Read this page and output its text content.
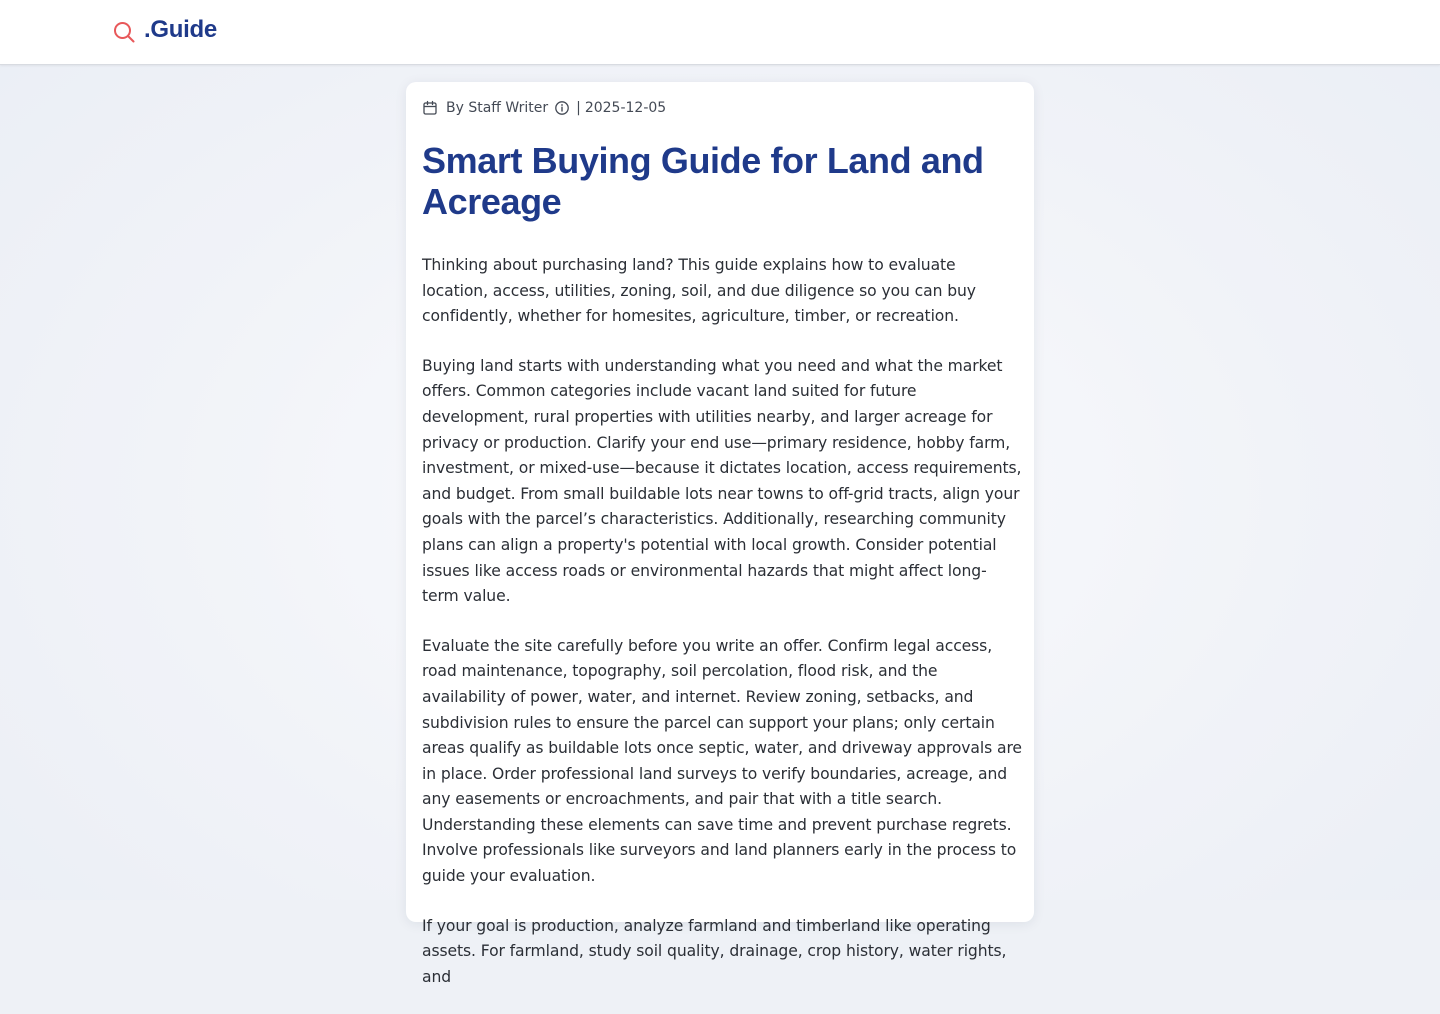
.Guide
By Staff Writer | 2025-12-05
Smart Buying Guide for Land and Acreage

Thinking about purchasing land? This guide explains how to evaluate location, access, utilities, zoning, soil, and due diligence so you can buy confidently, whether for homesites, agriculture, timber, or recreation.

Buying land starts with understanding what you need and what the market offers. Common categories include vacant land suited for future development, rural properties with utilities nearby, and larger acreage for privacy or production. Clarify your end use—primary residence, hobby farm, investment, or mixed-use—because it dictates location, access requirements, and budget. From small buildable lots near towns to off-grid tracts, align your goals with the parcel’s characteristics. Additionally, researching community plans can align a property's potential with local growth. Consider potential issues like access roads or environmental hazards that might affect long-term value.

Evaluate the site carefully before you write an offer. Confirm legal access, road maintenance, topography, soil percolation, flood risk, and the availability of power, water, and internet. Review zoning, setbacks, and subdivision rules to ensure the parcel can support your plans; only certain areas qualify as buildable lots once septic, water, and driveway approvals are in place. Order professional land surveys to verify boundaries, acreage, and any easements or encroachments, and pair that with a title search. Understanding these elements can save time and prevent purchase regrets. Involve professionals like surveyors and land planners early in the process to guide your evaluation.

If your goal is production, analyze farmland and timberland like operating assets. For farmland, study soil quality, drainage, crop history, water rights, and
